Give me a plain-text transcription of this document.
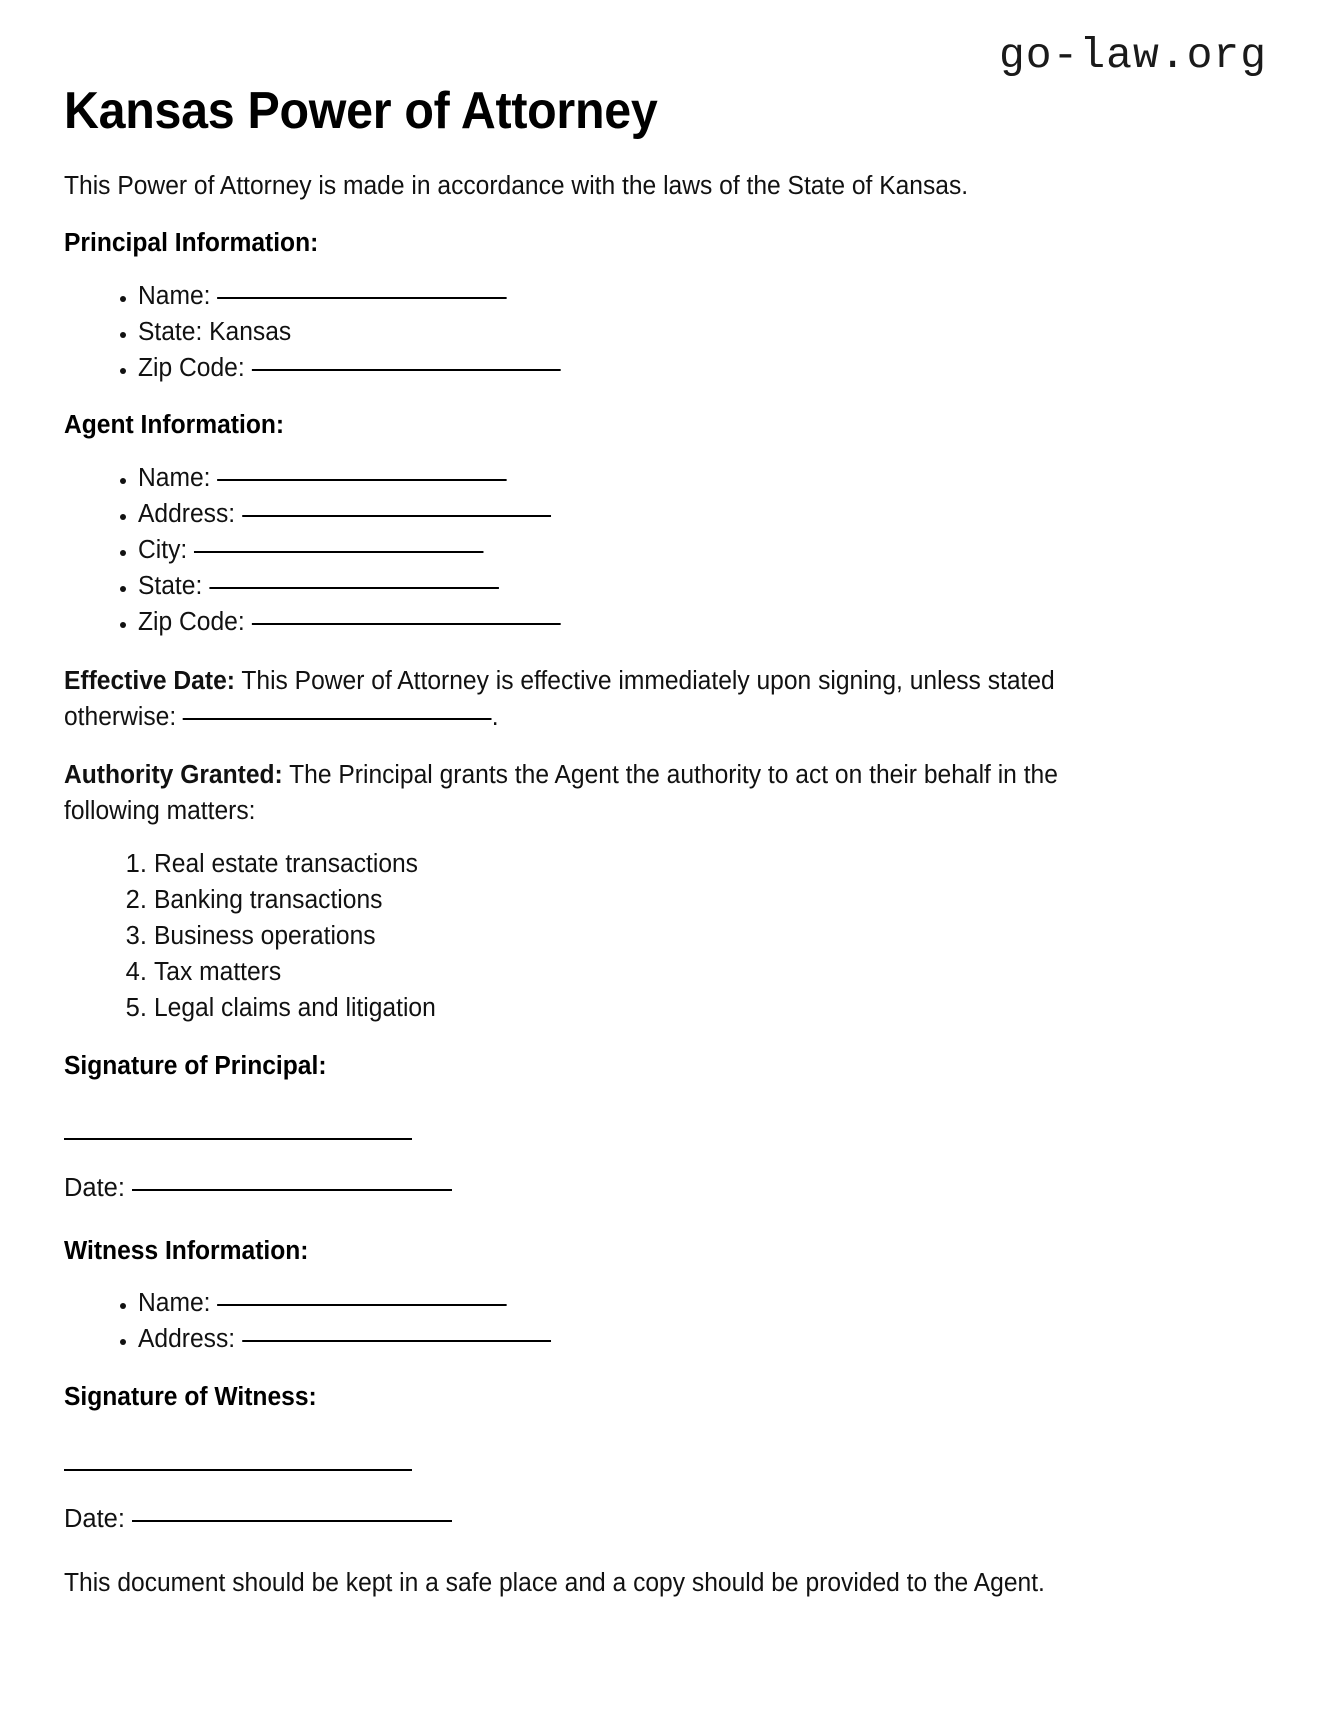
go-law.org
Kansas Power of Attorney

This Power of Attorney is made in accordance with the laws of the State of Kansas.

Principal Information:
• Name:
• State: Kansas
• Zip Code:
Agent Information:
• Name:
• Address:
• City:
• State:
• Zip Code:

Effective Date: This Power of Attorney is effective immediately upon signing, unless stated otherwise:	.

Authority Granted: The Principal grants the Agent the authority to act on their behalf in the following matters:

1. Real estate transactions
2. Banking transactions
3. Business operations
4. Tax matters
5. Legal claims and litigation
Signature of Principal:

Date:

Witness Information:
• Name:
• Address:
Signature of Witness:

Date:

This document should be kept in a safe place and a copy should be provided to the Agent.
